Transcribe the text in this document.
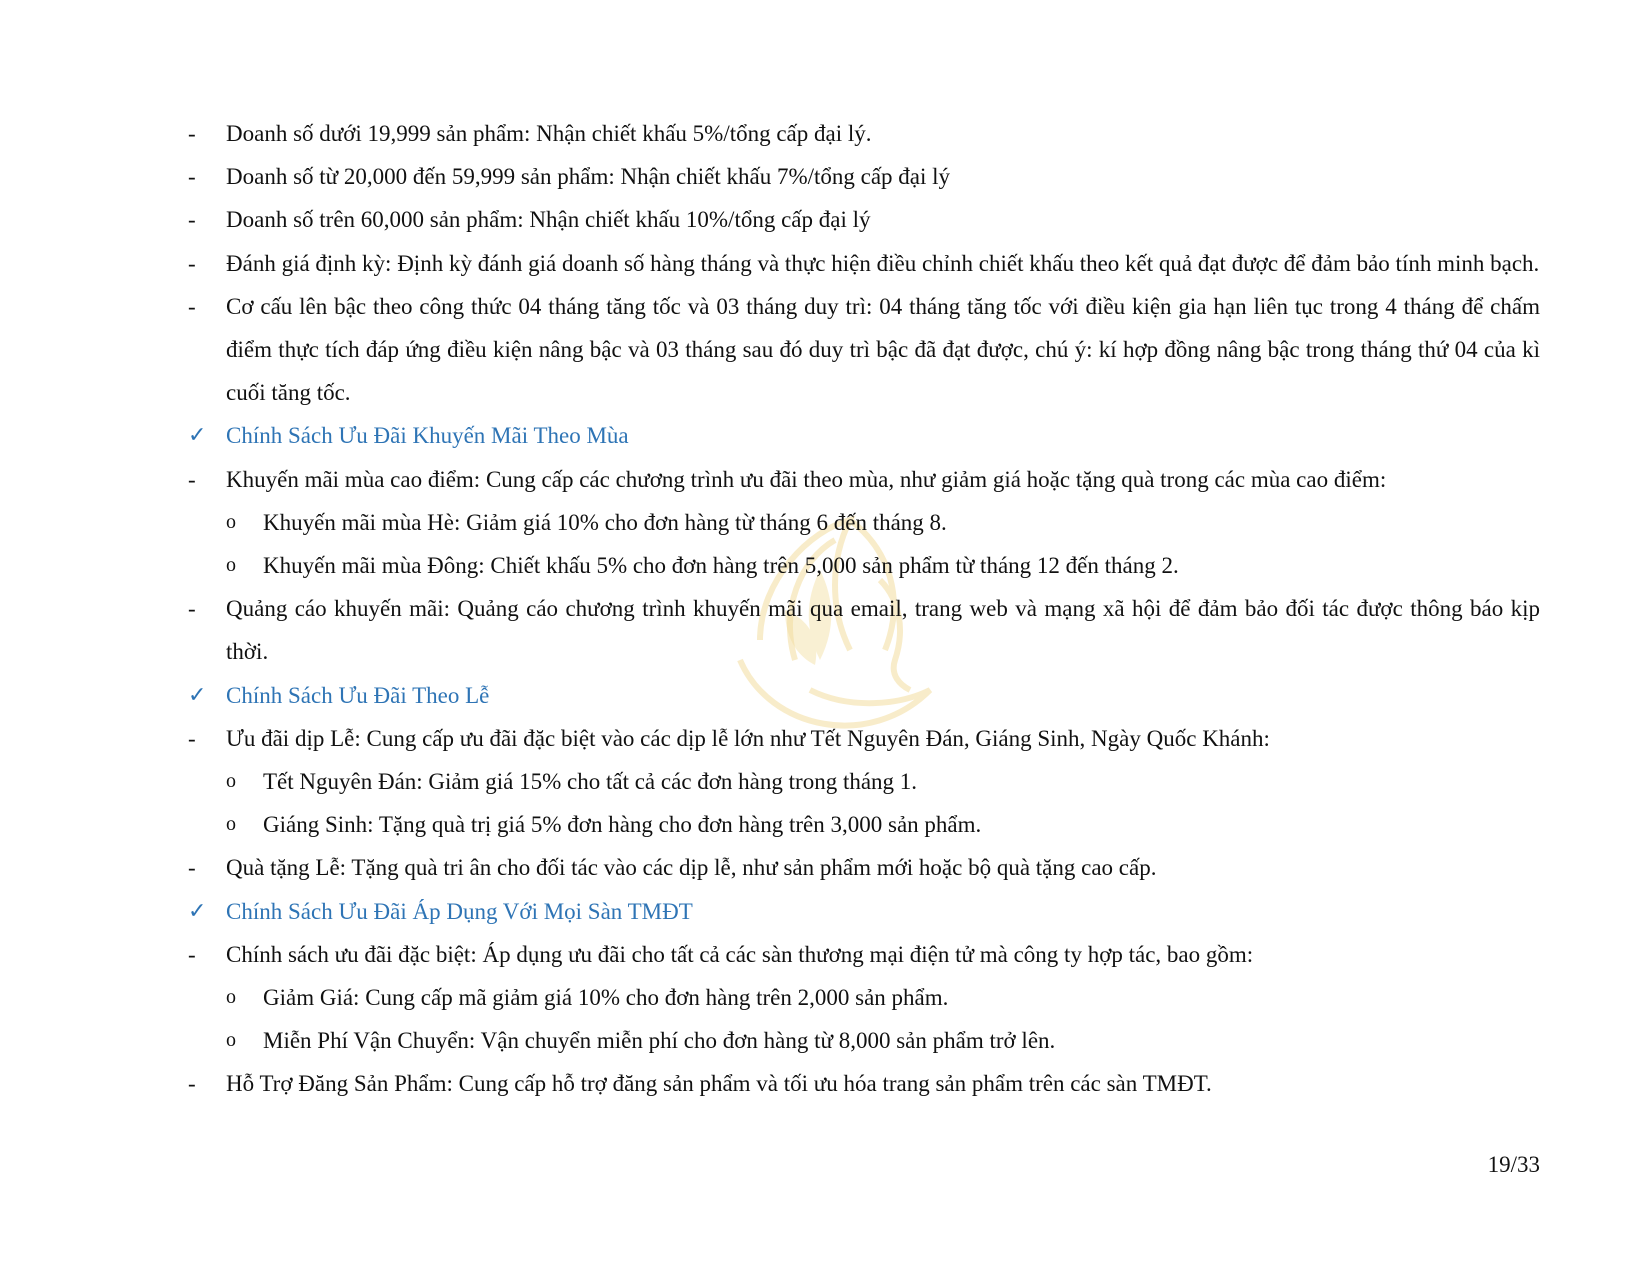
- Doanh số dưới 19,999 sản phẩm: Nhận chiết khấu 5%/tổng cấp đại lý.
- Doanh số từ 20,000 đến 59,999 sản phẩm: Nhận chiết khấu 7%/tổng cấp đại lý
- Doanh số trên 60,000 sản phẩm: Nhận chiết khấu 10%/tổng cấp đại lý
- Đánh giá định kỳ: Định kỳ đánh giá doanh số hàng tháng và thực hiện điều chỉnh chiết khấu theo kết quả đạt được để đảm bảo tính minh bạch.
- Cơ cấu lên bậc theo công thức 04 tháng tăng tốc và 03 tháng duy trì: 04 tháng tăng tốc với điều kiện gia hạn liên tục trong 4 tháng để chấm điểm thực tích đáp ứng điều kiện nâng bậc và 03 tháng sau đó duy trì bậc đã đạt được, chú ý: kí hợp đồng nâng bậc trong tháng thứ 04 của kì cuối tăng tốc.
✓ Chính Sách Ưu Đãi Khuyến Mãi Theo Mùa
- Khuyến mãi mùa cao điểm: Cung cấp các chương trình ưu đãi theo mùa, như giảm giá hoặc tặng quà trong các mùa cao điểm:
o Khuyến mãi mùa Hè: Giảm giá 10% cho đơn hàng từ tháng 6 đến tháng 8.
o Khuyến mãi mùa Đông: Chiết khấu 5% cho đơn hàng trên 5,000 sản phẩm từ tháng 12 đến tháng 2.
- Quảng cáo khuyến mãi: Quảng cáo chương trình khuyến mãi qua email, trang web và mạng xã hội để đảm bảo đối tác được thông báo kịp thời.
✓ Chính Sách Ưu Đãi Theo Lễ
- Ưu đãi dịp Lễ: Cung cấp ưu đãi đặc biệt vào các dịp lễ lớn như Tết Nguyên Đán, Giáng Sinh, Ngày Quốc Khánh:
o Tết Nguyên Đán: Giảm giá 15% cho tất cả các đơn hàng trong tháng 1.
o Giáng Sinh: Tặng quà trị giá 5% đơn hàng cho đơn hàng trên 3,000 sản phẩm.
- Quà tặng Lễ: Tặng quà tri ân cho đối tác vào các dịp lễ, như sản phẩm mới hoặc bộ quà tặng cao cấp.
✓ Chính Sách Ưu Đãi Áp Dụng Với Mọi Sàn TMĐT
- Chính sách ưu đãi đặc biệt: Áp dụng ưu đãi cho tất cả các sàn thương mại điện tử mà công ty hợp tác, bao gồm:
o Giảm Giá: Cung cấp mã giảm giá 10% cho đơn hàng trên 2,000 sản phẩm.
o Miễn Phí Vận Chuyển: Vận chuyển miễn phí cho đơn hàng từ 8,000 sản phẩm trở lên.
- Hỗ Trợ Đăng Sản Phẩm: Cung cấp hỗ trợ đăng sản phẩm và tối ưu hóa trang sản phẩm trên các sàn TMĐT.
19/33
